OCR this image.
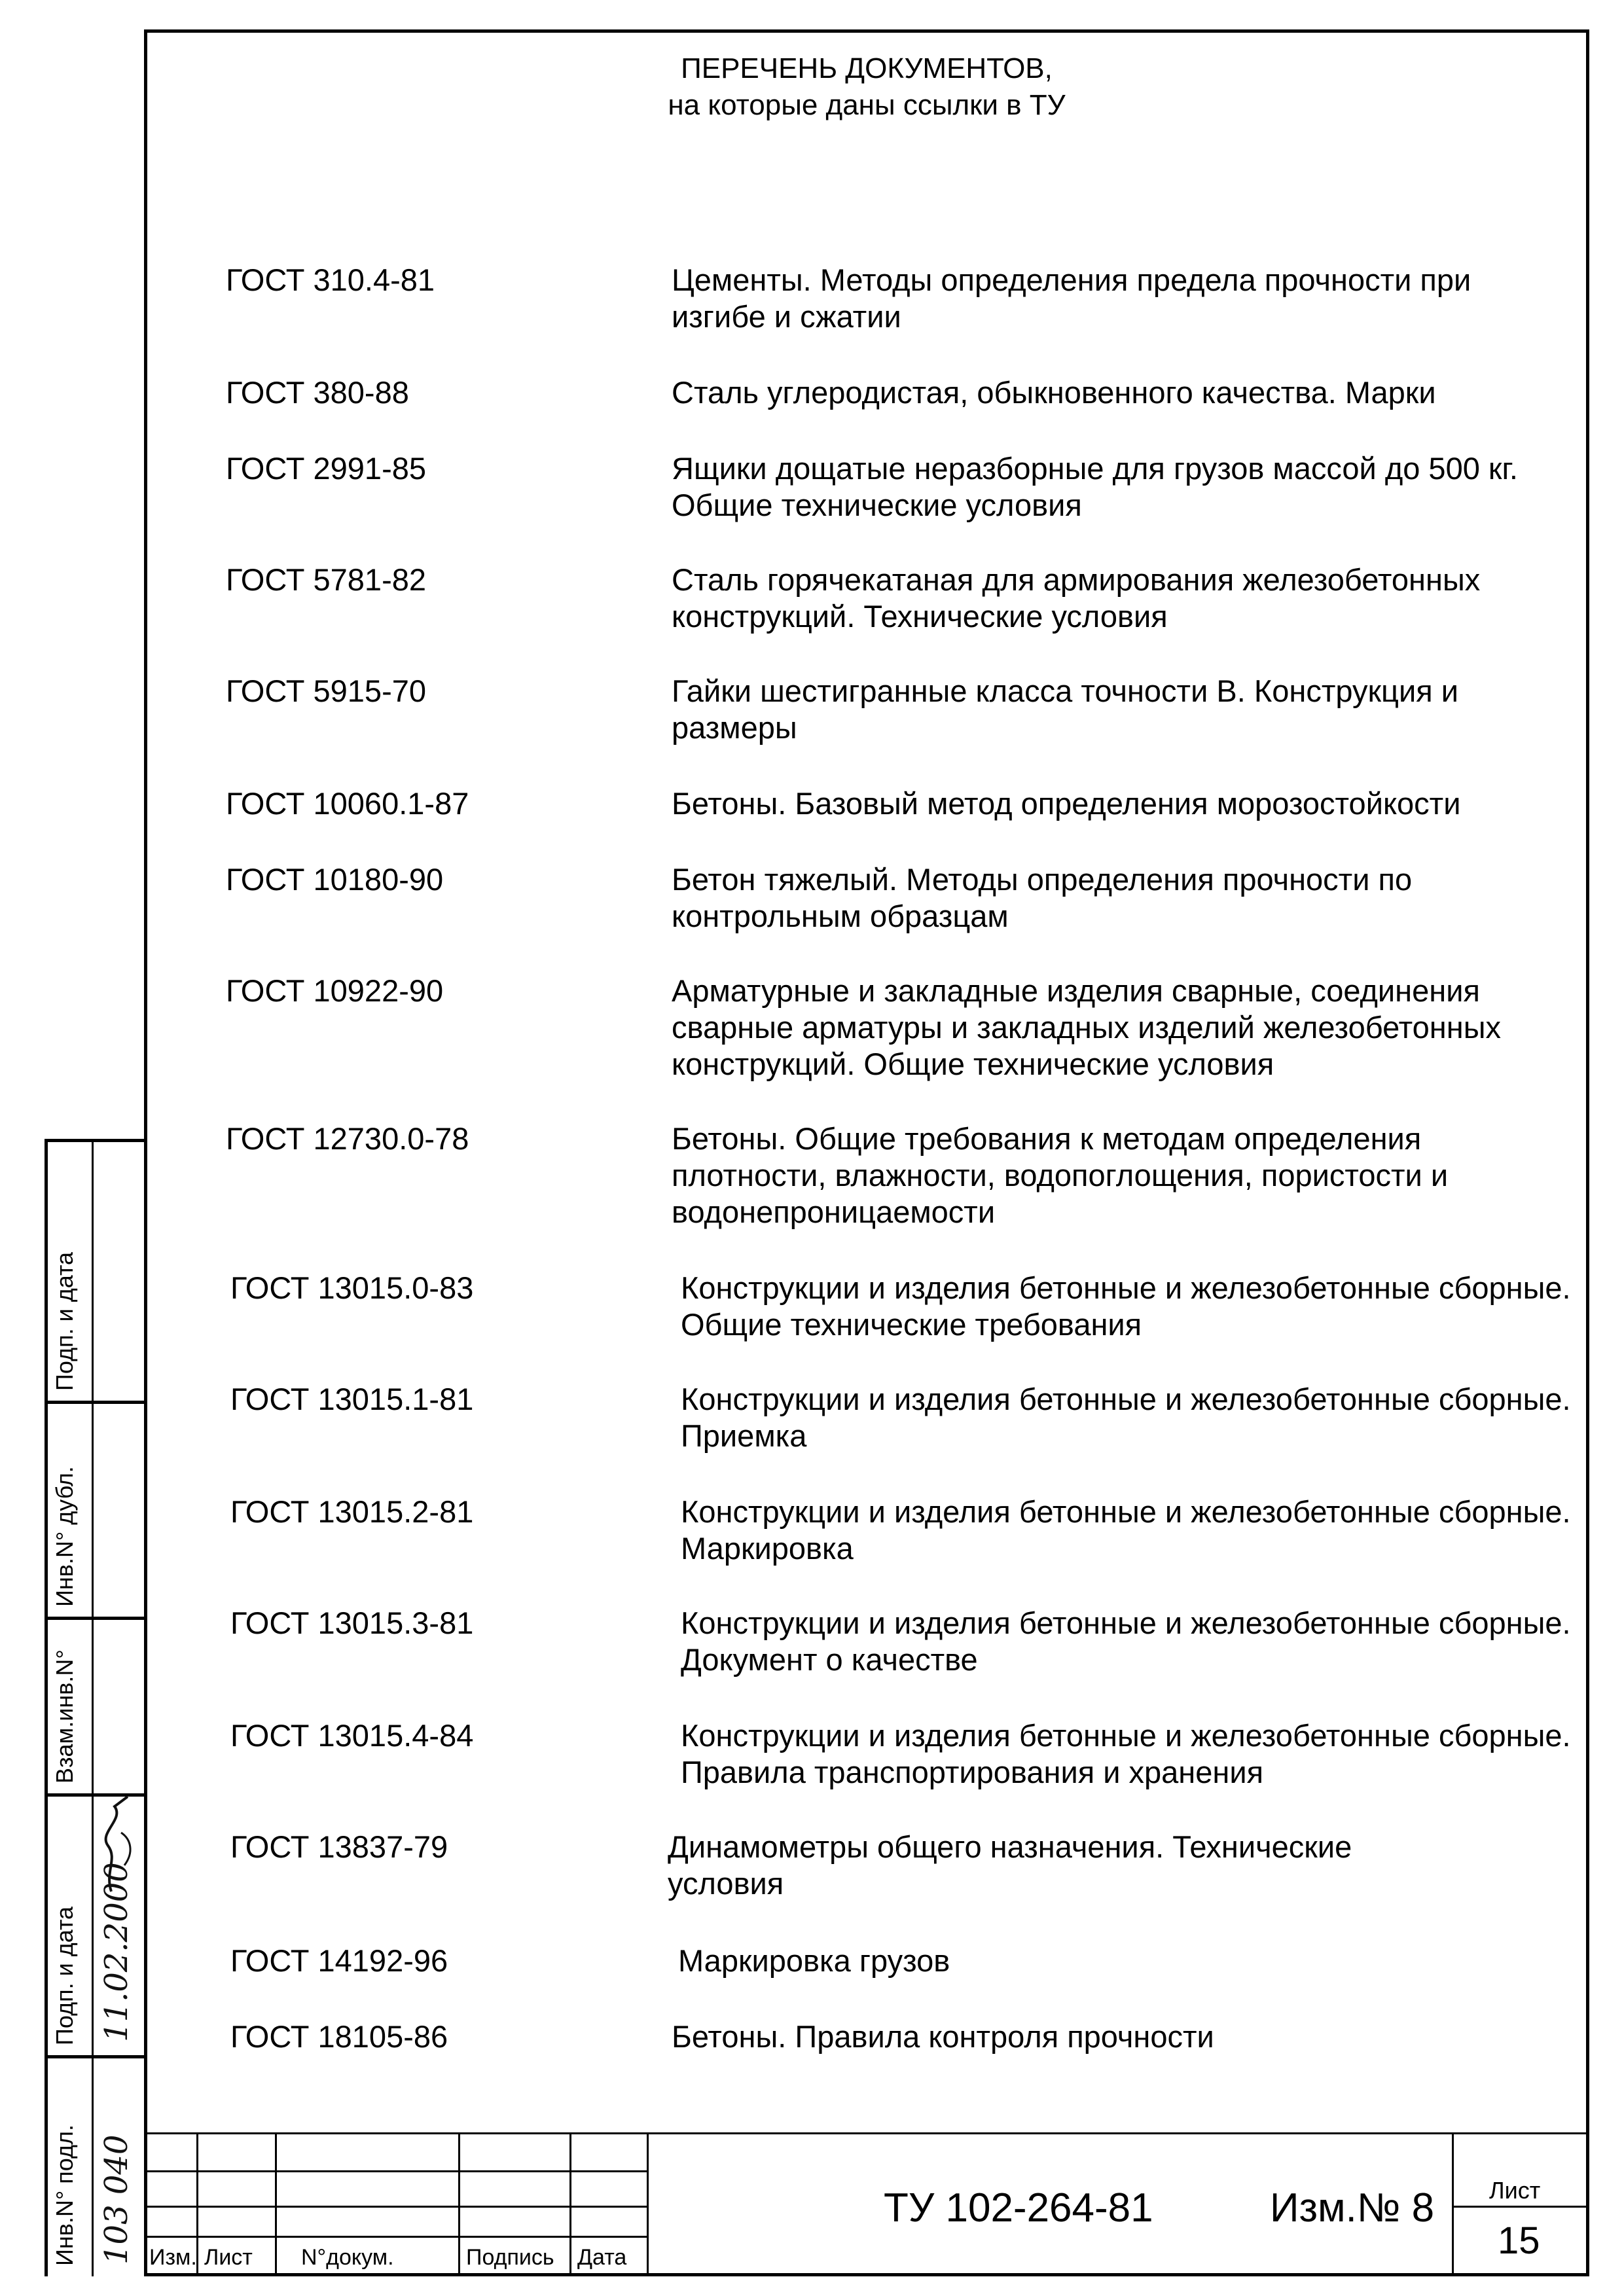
ПЕРЕЧЕНЬ ДОКУМЕНТОВ,
на которые даны ссылки в ТУ
ГОСТ 310.4-81	Цементы. Методы определения предела прочности при изгибе и сжатии
ГОСТ 380-88	Сталь углеродистая, обыкновенного качества. Марки
ГОСТ 2991-85	Ящики дощатые неразборные для грузов массой до 500 кг. Общие технические условия
ГОСТ 5781-82	Сталь горячекатаная для армирования железобетонных конструкций. Технические условия
ГОСТ 5915-70	Гайки шестигранные класса точности В. Конструкция и размеры
ГОСТ 10060.1-87	Бетоны. Базовый метод определения морозостойкости
ГОСТ 10180-90	Бетон тяжелый. Методы определения прочности по контрольным образцам
ГОСТ 10922-90	Арматурные и закладные изделия сварные, соединения сварные арматуры и закладных изделий железобетонных конструкций. Общие технические условия
ГОСТ 12730.0-78	Бетоны. Общие требования к методам определения плотности, влажности, водопоглощения, пористости и водонепроницаемости
ГОСТ 13015.0-83	Конструкции и изделия бетонные и железобетонные сборные. Общие технические требования
ГОСТ 13015.1-81	Конструкции и изделия бетонные и железобетонные сборные. Приемка
ГОСТ 13015.2-81	Конструкции и изделия бетонные и железобетонные сборные. Маркировка
ГОСТ 13015.3-81	Конструкции и изделия бетонные и железобетонные сборные. Документ о качестве
ГОСТ 13015.4-84	Конструкции и изделия бетонные и железобетонные сборные. Правила транспортирования и хранения
ГОСТ 13837-79	Динамометры общего назначения. Технические условия
ГОСТ 14192-96	Маркировка грузов
ГОСТ 18105-86	Бетоны. Правила контроля прочности
Подп. и дата
Инв.N° дубл.
Взам.инв.N°
Подп. и дата
Инв.N° подл.
11.02.2000
103 040 Изм. Лист N°докум.	Подпись Дата
ТУ 102-264-81	Изм.№ 8 Лист
15
